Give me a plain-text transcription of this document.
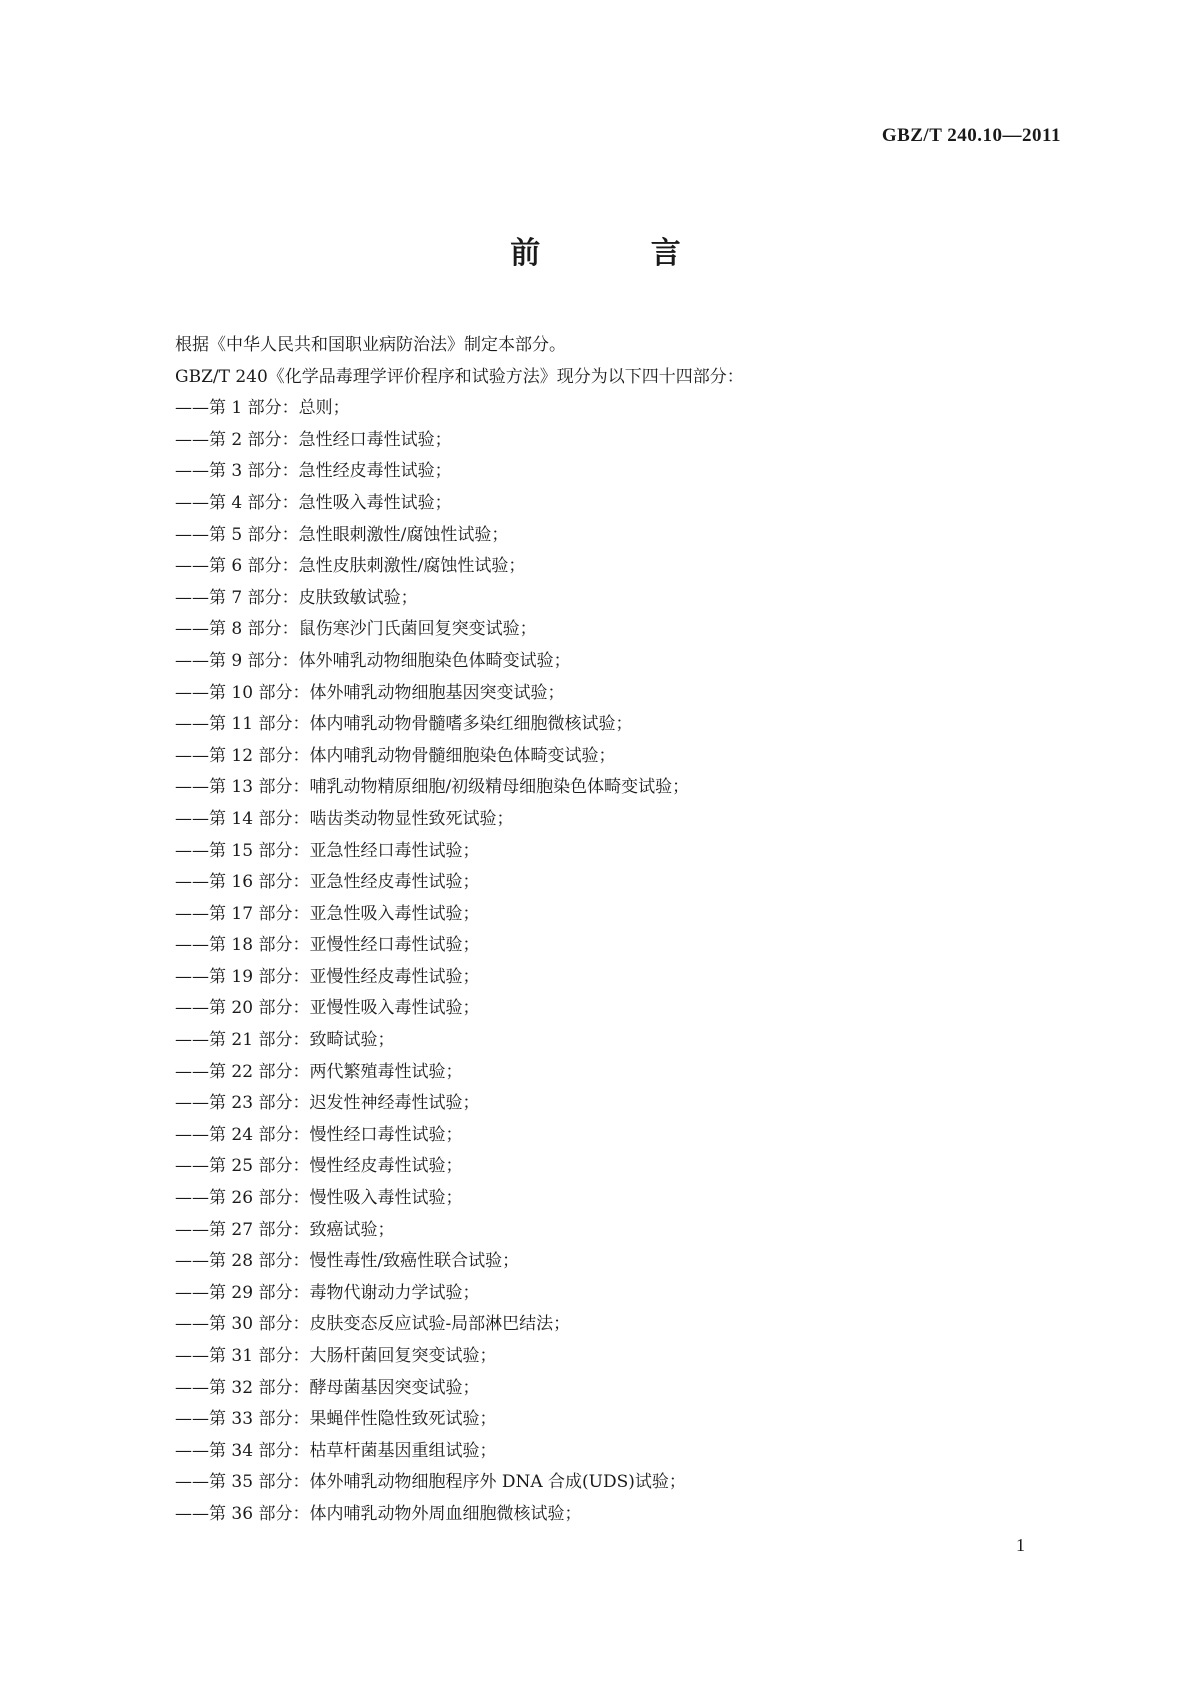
GBZ/T 240.10—2011
前 言
根据《中华人民共和国职业病防治法》制定本部分。
GBZ/T 240《化学品毒理学评价程序和试验方法》现分为以下四十四部分：
——第 1 部分：总则；
——第 2 部分：急性经口毒性试验；
——第 3 部分：急性经皮毒性试验；
——第 4 部分：急性吸入毒性试验；
——第 5 部分：急性眼刺激性/腐蚀性试验；
——第 6 部分：急性皮肤刺激性/腐蚀性试验；
——第 7 部分：皮肤致敏试验；
——第 8 部分：鼠伤寒沙门氏菌回复突变试验；
——第 9 部分：体外哺乳动物细胞染色体畸变试验；
——第 10 部分：体外哺乳动物细胞基因突变试验；
——第 11 部分：体内哺乳动物骨髓嗜多染红细胞微核试验；
——第 12 部分：体内哺乳动物骨髓细胞染色体畸变试验；
——第 13 部分：哺乳动物精原细胞/初级精母细胞染色体畸变试验；
——第 14 部分：啮齿类动物显性致死试验；
——第 15 部分：亚急性经口毒性试验；
——第 16 部分：亚急性经皮毒性试验；
——第 17 部分：亚急性吸入毒性试验；
——第 18 部分：亚慢性经口毒性试验；
——第 19 部分：亚慢性经皮毒性试验；
——第 20 部分：亚慢性吸入毒性试验；
——第 21 部分：致畸试验；
——第 22 部分：两代繁殖毒性试验；
——第 23 部分：迟发性神经毒性试验；
——第 24 部分：慢性经口毒性试验；
——第 25 部分：慢性经皮毒性试验；
——第 26 部分：慢性吸入毒性试验；
——第 27 部分：致癌试验；
——第 28 部分：慢性毒性/致癌性联合试验；
——第 29 部分：毒物代谢动力学试验；
——第 30 部分：皮肤变态反应试验-局部淋巴结法；
——第 31 部分：大肠杆菌回复突变试验；
——第 32 部分：酵母菌基因突变试验；
——第 33 部分：果蝇伴性隐性致死试验；
——第 34 部分：枯草杆菌基因重组试验；
——第 35 部分：体外哺乳动物细胞程序外 DNA 合成(UDS)试验；
——第 36 部分：体内哺乳动物外周血细胞微核试验；
1
